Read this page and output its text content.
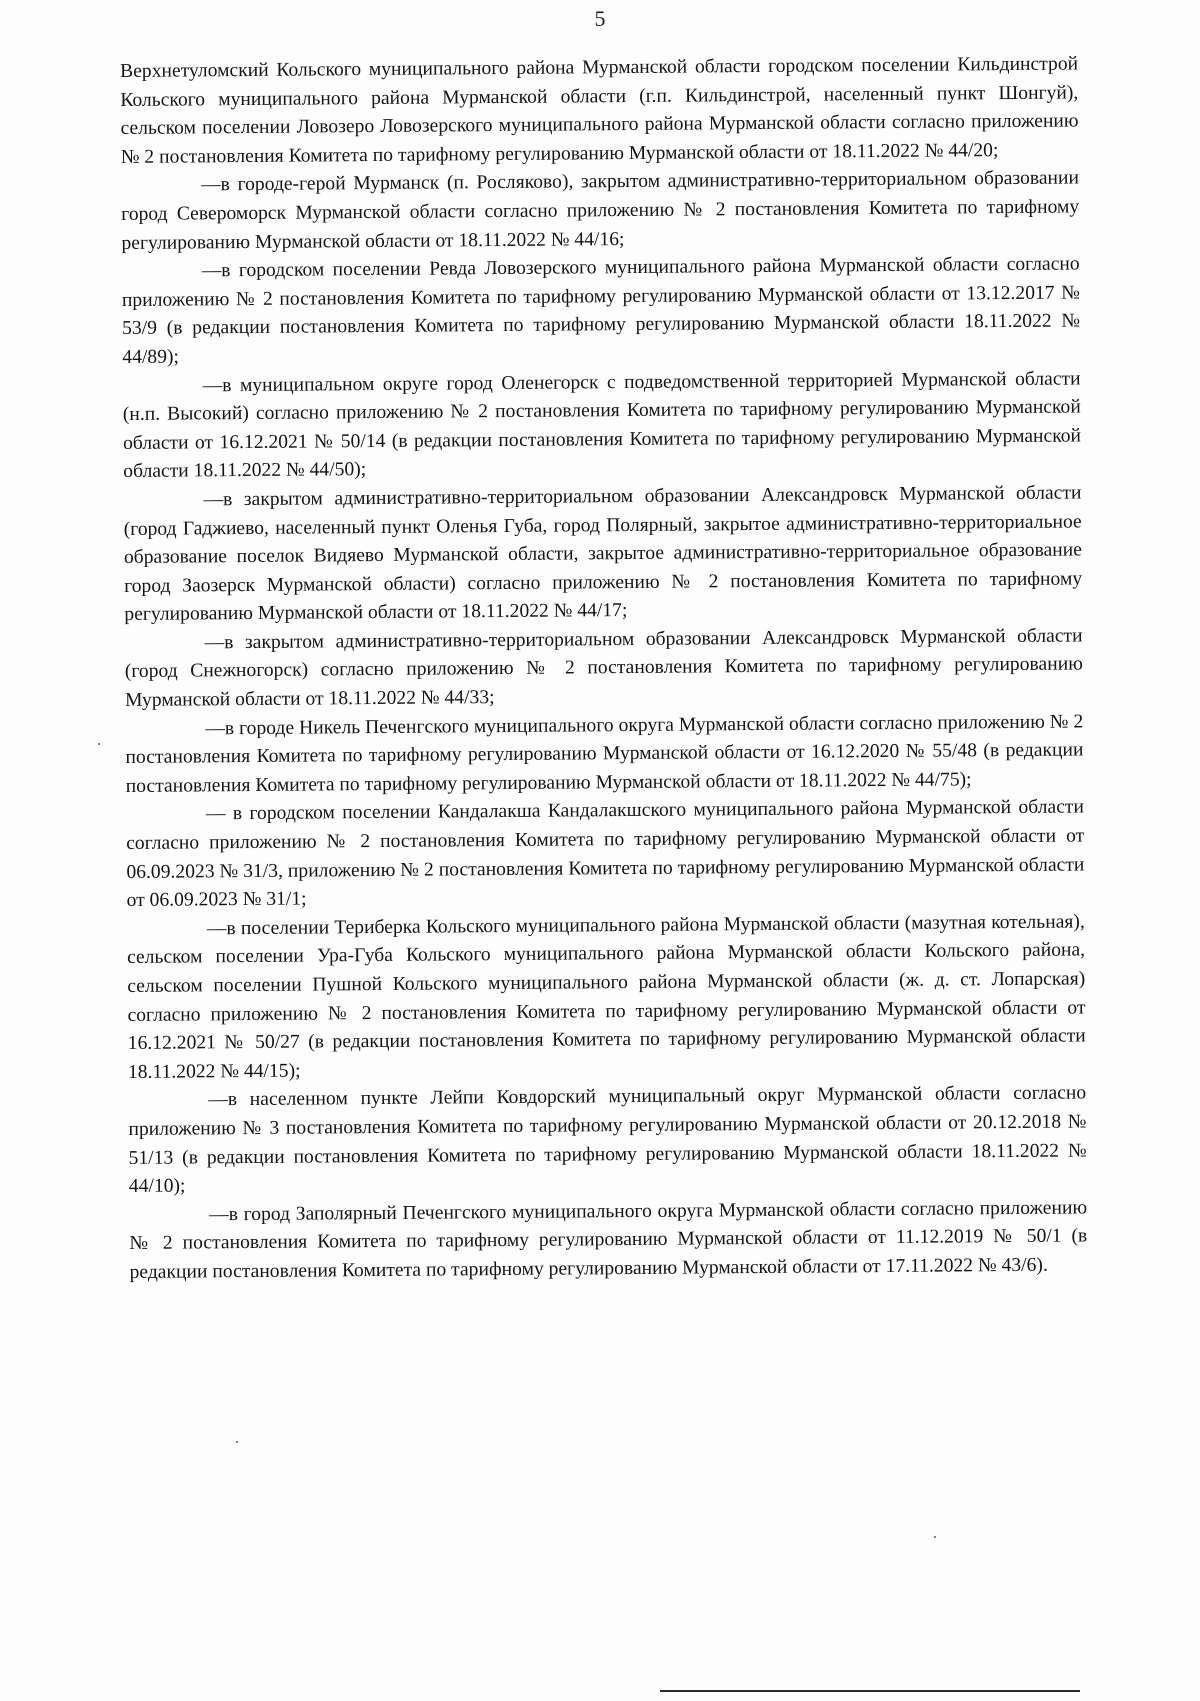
5

Верхнетуломский Кольского муниципального района Мурманской области городском поселении Кильдинстрой Кольского муниципального района Мурманской области (г.п. Кильдинстрой, населенный пункт Шонгуй), сельском поселении Ловозеро Ловозерского муниципального района Мурманской области согласно приложению № 2 постановления Комитета по тарифному регулированию Мурманской области от 18.11.2022 № 44/20;

—в городе-герой Мурманск (п. Росляково), закрытом административно-территориальном образовании город Североморск Мурманской области согласно приложению № 2 постановления Комитета по тарифному регулированию Мурманской области от 18.11.2022 № 44/16;

—в городском поселении Ревда Ловозерского муниципального района Мурманской области согласно приложению № 2 постановления Комитета по тарифному регулированию Мурманской области от 13.12.2017 № 53/9 (в редакции постановления Комитета по тарифному регулированию Мурманской области 18.11.2022 № 44/89);

—в муниципальном округе город Оленегорск с подведомственной территорией Мурманской области (н.п. Высокий) согласно приложению № 2 постановления Комитета по тарифному регулированию Мурманской области от 16.12.2021 № 50/14 (в редакции постановления Комитета по тарифному регулированию Мурманской области 18.11.2022 № 44/50);

—в закрытом административно-территориальном образовании Александровск Мурманской области (город Гаджиево, населенный пункт Оленья Губа, город Полярный, закрытое административно-территориальное образование поселок Видяево Мурманской области, закрытое административно-территориальное образование город Заозерск Мурманской области) согласно приложению № 2 постановления Комитета по тарифному регулированию Мурманской области от 18.11.2022 № 44/17;

—в закрытом административно-территориальном образовании Александровск Мурманской области (город Снежногорск) согласно приложению № 2 постановления Комитета по тарифному регулированию Мурманской области от 18.11.2022 № 44/33;

—в городе Никель Печенгского муниципального округа Мурманской области согласно приложению № 2 постановления Комитета по тарифному регулированию Мурманской области от 16.12.2020 № 55/48 (в редакции постановления Комитета по тарифному регулированию Мурманской области от 18.11.2022 № 44/75);

— в городском поселении Кандалакша Кандалакшского муниципального района Мурманской области согласно приложению № 2 постановления Комитета по тарифному регулированию Мурманской области от 06.09.2023 № 31/3, приложению № 2 постановления Комитета по тарифному регулированию Мурманской области от 06.09.2023 № 31/1;

—в поселении Териберка Кольского муниципального района Мурманской области (мазутная котельная), сельском поселении Ура-Губа Кольского муниципального района Мурманской области Кольского района, сельском поселении Пушной Кольского муниципального района Мурманской области (ж. д. ст. Лопарская) согласно приложению № 2 постановления Комитета по тарифному регулированию Мурманской области от 16.12.2021 № 50/27 (в редакции постановления Комитета по тарифному регулированию Мурманской области 18.11.2022 № 44/15);

—в населенном пункте Лейпи Ковдорский муниципальный округ Мурманской области согласно приложению № 3 постановления Комитета по тарифному регулированию Мурманской области от 20.12.2018 № 51/13 (в редакции постановления Комитета по тарифному регулированию Мурманской области 18.11.2022 № 44/10);

—в город Заполярный Печенгского муниципального округа Мурманской области согласно приложению № 2 постановления Комитета по тарифному регулированию Мурманской области от 11.12.2019 № 50/1 (в редакции постановления Комитета по тарифному регулированию Мурманской области от 17.11.2022 № 43/6).
